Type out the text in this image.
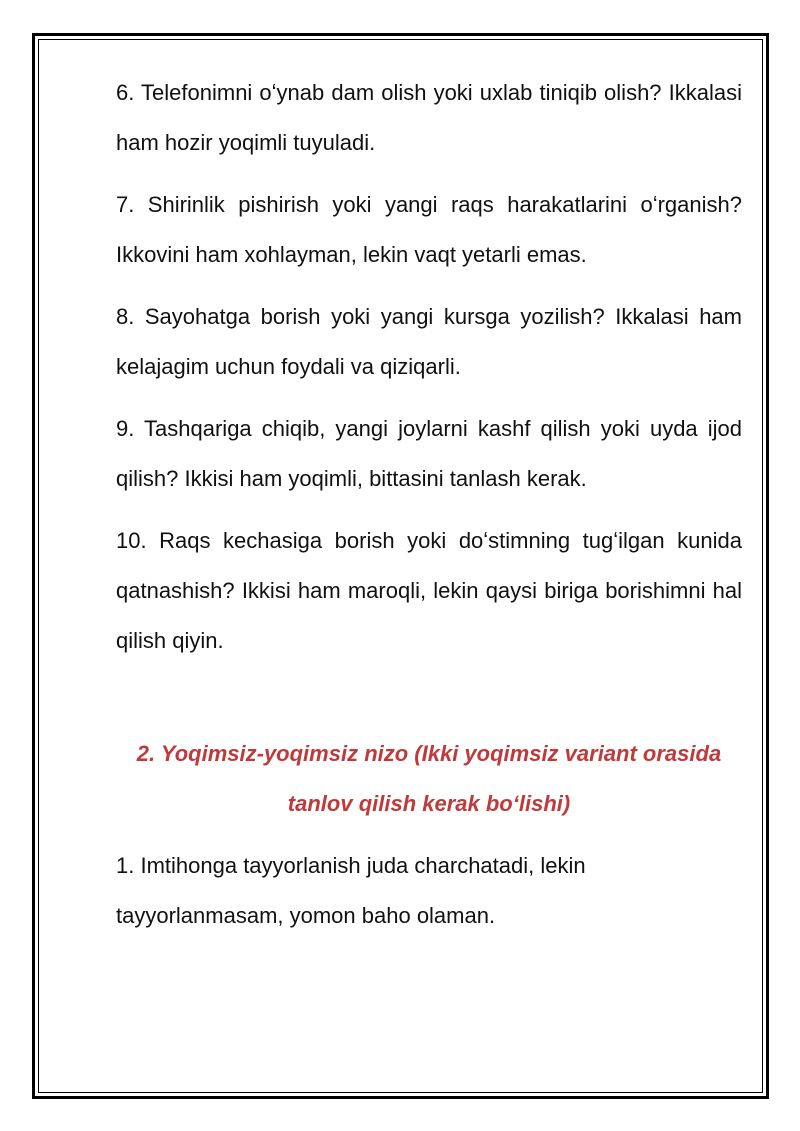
6. Telefonimni oʻynab dam olish yoki uxlab tiniqib olish? Ikkalasi ham hozir yoqimli tuyuladi.

7. Shirinlik pishirish yoki yangi raqs harakatlarini oʻrganish? Ikkovini ham xohlayman, lekin vaqt yetarli emas.

8. Sayohatga borish yoki yangi kursga yozilish? Ikkalasi ham kelajagim uchun foydali va qiziqarli.

9. Tashqariga chiqib, yangi joylarni kashf qilish yoki uyda ijod qilish? Ikkisi ham yoqimli, bittasini tanlash kerak.

10. Raqs kechasiga borish yoki doʻstimning tugʻilgan kunida qatnashish? Ikkisi ham maroqli, lekin qaysi biriga borishimni hal qilish qiyin.

2. Yoqimsiz-yoqimsiz nizo (Ikki yoqimsiz variant orasida tanlov qilish kerak boʻlishi)

1. Imtihonga tayyorlanish juda charchatadi, lekin
tayyorlanmasam, yomon baho olaman.
